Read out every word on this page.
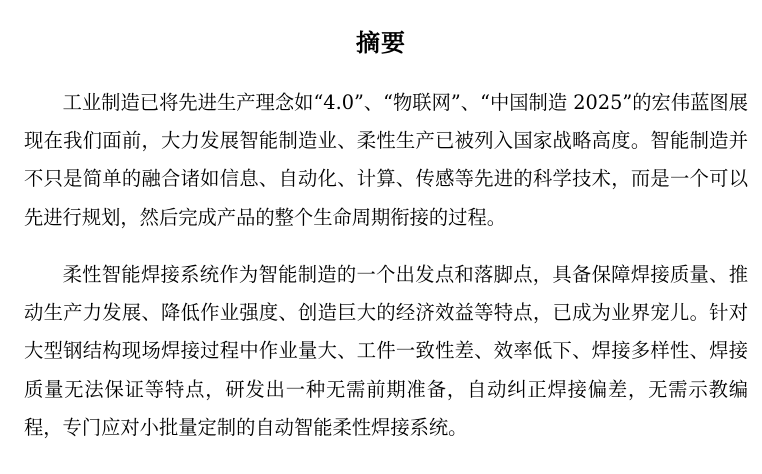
摘要

工业制造已将先进生产理念如“4.0”、“物联网”、“中国制造 2025”的宏伟蓝图展现在我们面前，大力发展智能制造业、柔性生产已被列入国家战略高度。智能制造并不只是简单的融合诸如信息、自动化、计算、传感等先进的科学技术，而是一个可以先进行规划，然后完成产品的整个生命周期衔接的过程。

柔性智能焊接系统作为智能制造的一个出发点和落脚点，具备保障焊接质量、推动生产力发展、降低作业强度、创造巨大的经济效益等特点，已成为业界宠儿。针对大型钢结构现场焊接过程中作业量大、工件一致性差、效率低下、焊接多样性、焊接质量无法保证等特点，研发出一种无需前期准备，自动纠正焊接偏差，无需示教编程，专门应对小批量定制的自动智能柔性焊接系统。
